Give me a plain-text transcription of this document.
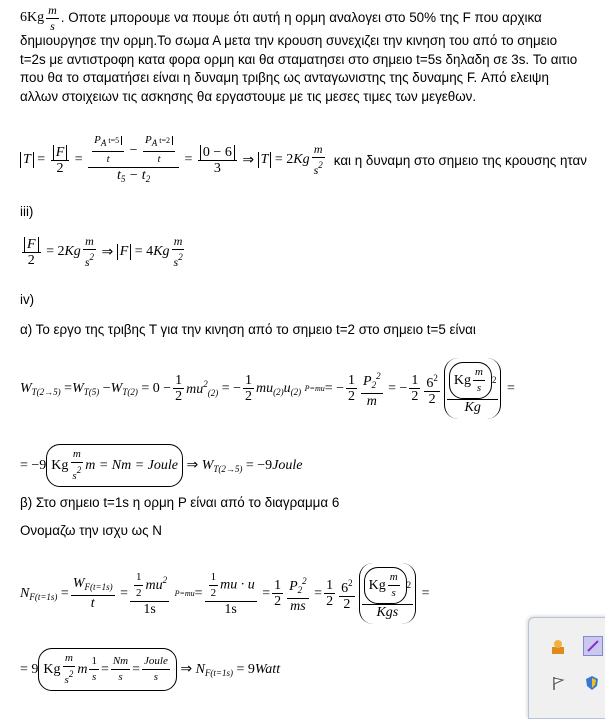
$6Kg \frac{m}{s}$ . Οποτε μπορουμε να πουμε ότι αυτή η ορμη αναλογει στο 50% της F που αρχικα
δημιουργησε την ορμη.Το σωμα Α μετα την κρουση συνεχιζει την κινηση του από το σημειο
t=2s με αντιστροφη κατα φορα ορμη και θα σταματησει στο σημειο t=5s δηλαδη σε 3s. Το αιτιο
που θα το σταματήσει είναι η δυναμη τριβης ως ανταγωνιστης της δυναμης F. Από ελειψη
αλλων στοιχειων τις ασκησης θα εργαστουμε με τις μεσες τιμες των μεγεθων.
$T = \frac{F}{2} = \frac{\frac{P_A t=5}{t} - \frac{P_A t=2}{t}}{t_5 - t_2} = \frac{0 - 6}{3}$ ⇒ T = 2 Kg $\frac{m}{s^2}$
και η δυναμη στο σημειο της κρουσης ηταν
iii)
$\frac{F}{2} = 2$ Kg $\frac{m}{s^2}$ ⇒ F = 4 Kg $\frac{m}{s^2}$
iv)
α) Το εργο της τριβης Τ για την κινηση από το σημειο t=2 στο σημειο t=5 είναι
$W_{T(2\to 5)} = W_{T(5)} - W_{T(2)} = 0 - \frac{1}{2} mu^2_{(2)}$ = − $\frac{1}{2} mu_{(2)}u_{(2)}$
P=mu = − $\frac{1}{2} \frac{P_2^2}{m}$ = − $\frac{1}{2} \frac{6^2}{2} \frac{Kg \frac{m}{s} 2}{Kg}$ =
= −9 Kg $\frac{m}{s^2}$ m = Nm = Joule ⇒ $W_{T(2\to 5)} = -9$ Joule
β) Στο σημειο t=1s η ορμη P είναι από το διαγραμμα 6
Ονομαζω την ισχυ ως N
$N_{F(t=1s)} = \frac{W_{F(t=1s)}}{t} = \frac{\frac{1}{2} mu^2}{1s}$
$P=mu = \frac{\frac{1}{2} mu \cdot u}{1s} = \frac{1}{2} \frac{P_2^2}{ms} = \frac{1}{2} \frac{6^2}{2} \frac{Kg \frac{m}{s} 2}{\text{Kgs}}$ =
= 9 Kg $\frac{m}{s^2}$ m $\frac{1}{s} = \frac{Nm}{s} = \frac{\text{Joule}}{s}$ ⇒ $N_{F(t=1s)} = 9$ Watt
